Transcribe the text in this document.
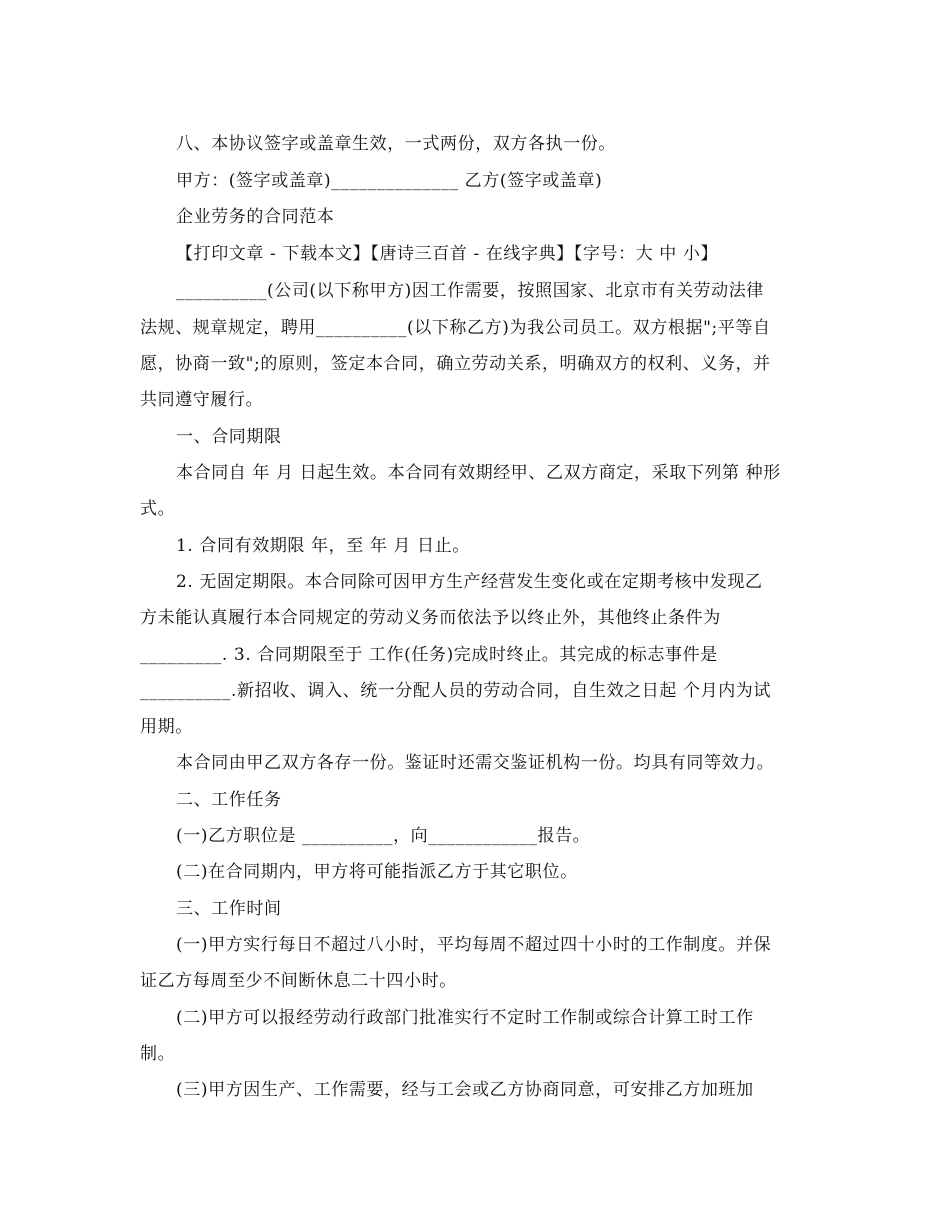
八、本协议签字或盖章生效，一式两份，双方各执一份。
甲方：(签字或盖章)______________ 乙方(签字或盖章)
企业劳务的合同范本
【打印文章 - 下载本文】【唐诗三百首 - 在线字典】【字号：大 中 小】
__________(公司(以下称甲方)因工作需要，按照国家、北京市有关劳动法律
法规、规章规定，聘用__________(以下称乙方)为我公司员工。双方根据";平等自
愿，协商一致";的原则，签定本合同，确立劳动关系，明确双方的权利、义务，并
共同遵守履行。
一、合同期限
本合同自 年 月 日起生效。本合同有效期经甲、乙双方商定，采取下列第 种形
式。
1. 合同有效期限 年，至 年 月 日止。
2. 无固定期限。本合同除可因甲方生产经营发生变化或在定期考核中发现乙
方未能认真履行本合同规定的劳动义务而依法予以终止外，其他终止条件为
_________. 3. 合同期限至于 工作(任务)完成时终止。其完成的标志事件是
__________.新招收、调入、统一分配人员的劳动合同，自生效之日起 个月内为试
用期。
本合同由甲乙双方各存一份。鉴证时还需交鉴证机构一份。均具有同等效力。
二、工作任务
(一)乙方职位是 __________，向____________报告。
(二)在合同期内，甲方将可能指派乙方于其它职位。
三、工作时间
(一)甲方实行每日不超过八小时，平均每周不超过四十小时的工作制度。并保
证乙方每周至少不间断休息二十四小时。
(二)甲方可以报经劳动行政部门批准实行不定时工作制或综合计算工时工作
制。
(三)甲方因生产、工作需要，经与工会或乙方协商同意，可安排乙方加班加
